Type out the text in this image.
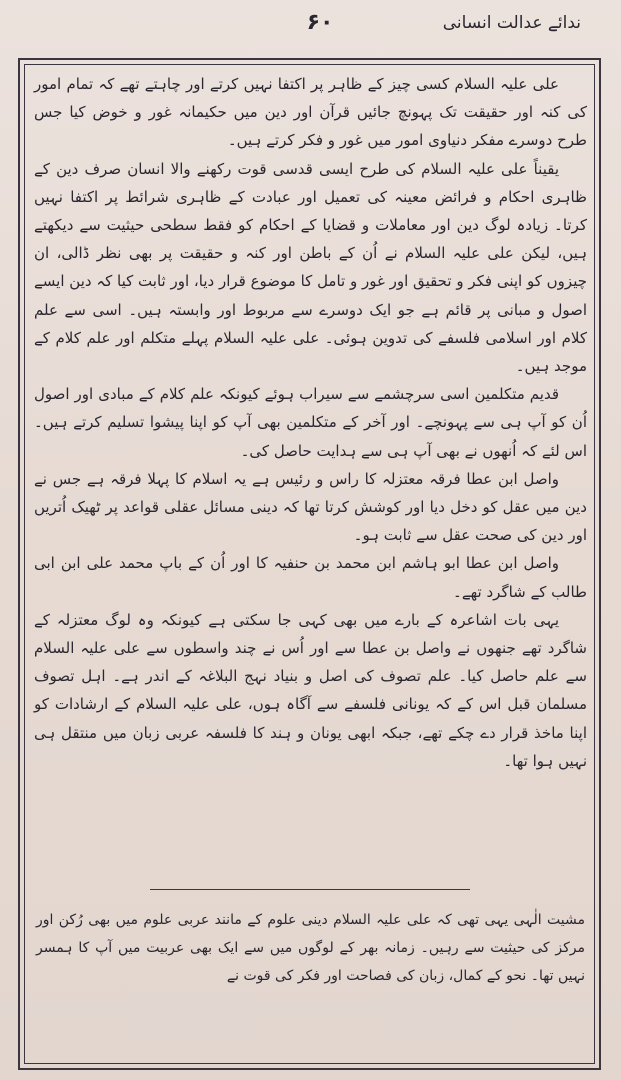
۶۰	ندائے عدالت انسانی

علی علیہ السلام کسی چیز کے ظاہر پر اکتفا نہیں کرتے اور چاہتے تھے کہ تمام امور کی کنہ اور حقیقت تک پہونچ جائیں قرآن اور دین میں حکیمانہ غور و خوض کیا جس طرح دوسرے مفکر دنیاوی امور میں غور و فکر کرتے ہیں۔

یقیناً علی علیہ السلام کی طرح ایسی قدسی قوت رکھنے والا انسان صرف دین کے ظاہری احکام و فرائض معینہ کی تعمیل اور عبادت کے ظاہری شرائط پر اکتفا نہیں کرتا۔ زیادہ لوگ دین اور معاملات و قضایا کے احکام کو فقط سطحی حیثیت سے دیکھتے ہیں، لیکن علی علیہ السلام نے اُن کے باطن اور کنہ و حقیقت پر بھی نظر ڈالی، ان چیزوں کو اپنی فکر و تحقیق اور غور و تامل کا موضوع قرار دیا، اور ثابت کیا کہ دین ایسے اصول و مبانی پر قائم ہے جو ایک دوسرے سے مربوط اور وابستہ ہیں۔ اسی سے علم کلام اور اسلامی فلسفے کی تدوین ہوئی۔ علی علیہ السلام پہلے متکلم اور علم کلام کے موجد ہیں۔

قدیم متکلمین اسی سرچشمے سے سیراب ہوئے کیونکہ علم کلام کے مبادی اور اصول اُن کو آپ ہی سے پہونچے۔ اور آخر کے متکلمین بھی آپ کو اپنا پیشوا تسلیم کرتے ہیں۔ اس لئے کہ اُنھوں نے بھی آپ ہی سے ہدایت حاصل کی۔

واصل ابن عطا فرقہ معتزلہ کا راس و رئیس ہے یہ اسلام کا پہلا فرقہ ہے جس نے دین میں عقل کو دخل دیا اور کوشش کرتا تھا کہ دینی مسائل عقلی قواعد پر ٹھیک اُتریں اور دین کی صحت عقل سے ثابت ہو۔

واصل ابن عطا ابو ہاشم ابن محمد بن حنفیہ کا اور اُن کے باپ محمد علی ابن ابی طالب کے شاگرد تھے۔

یہی بات اشاعرہ کے بارے میں بھی کہی جا سکتی ہے کیونکہ وہ لوگ معتزلہ کے شاگرد تھے جنھوں نے واصل بن عطا سے اور اُس نے چند واسطوں سے علی علیہ السلام سے علم حاصل کیا۔ علم تصوف کی اصل و بنیاد نہج البلاغہ کے اندر ہے۔ اہل تصوف مسلمان قبل اس کے کہ یونانی فلسفے سے آگاہ ہوں، علی علیہ السلام کے ارشادات کو اپنا ماخذ قرار دے چکے تھے، جبکہ ابھی یونان و ہند کا فلسفہ عربی زبان میں منتقل ہی نہیں ہوا تھا۔

مشیت الٰہی یہی تھی کہ علی علیہ السلام دینی علوم کے مانند عربی علوم میں بھی رُکن اور مرکز کی حیثیت سے رہیں۔ زمانہ بھر کے لوگوں میں سے ایک بھی عربیت میں آپ کا ہمسر نہیں تھا۔ نحو کے کمال، زبان کی فصاحت اور فکر کی قوت نے
